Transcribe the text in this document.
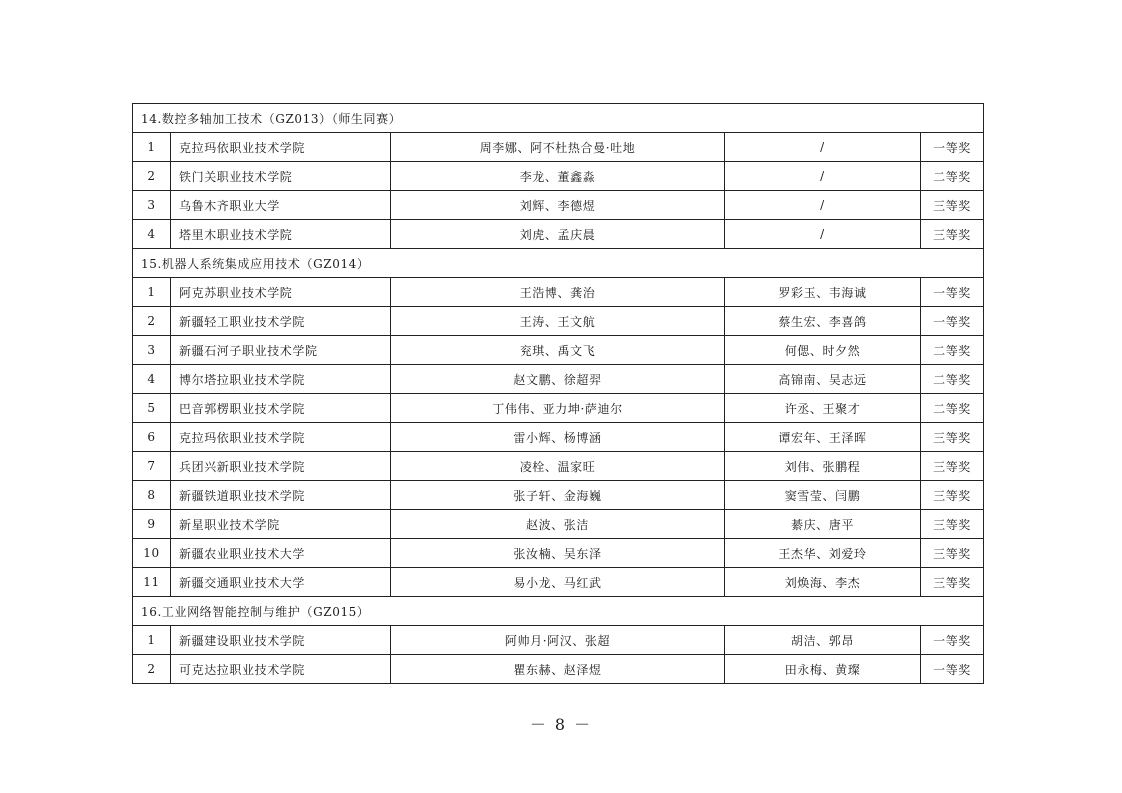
14.数控多轴加工技术（GZ013）（师生同赛）				
1	克拉玛依职业技术学院	周李娜、阿不杜热合曼·吐地	/	一等奖
2	铁门关职业技术学院	李龙、董鑫淼	/	二等奖
3	乌鲁木齐职业大学	刘辉、李德煜	/	三等奖
4	塔里木职业技术学院	刘虎、孟庆晨	/	三等奖
15.机器人系统集成应用技术（GZ014）				
1	阿克苏职业技术学院	王浩博、龚治	罗彩玉、韦海诚	一等奖
2	新疆轻工职业技术学院	王涛、王文航	蔡生宏、李喜鸽	一等奖
3	新疆石河子职业技术学院	兖琪、禹文飞	何偲、时夕然	二等奖
4	博尔塔拉职业技术学院	赵文鹏、徐超羿	高锦南、吴志远	二等奖
5	巴音郭楞职业技术学院	丁伟伟、亚力坤·萨迪尔	许丞、王聚才	二等奖
6	克拉玛依职业技术学院	雷小辉、杨博涵	谭宏年、王泽晖	三等奖
7	兵团兴新职业技术学院	凌栓、温家旺	刘伟、张鹏程	三等奖
8	新疆铁道职业技术学院	张子轩、金海巍	窦雪莹、闫鹏	三等奖
9	新星职业技术学院	赵波、张洁	綦庆、唐平	三等奖
10	新疆农业职业技术大学	张汝楠、吴东泽	王杰华、刘爱玲	三等奖
11	新疆交通职业技术大学	易小龙、马红武	刘焕海、李杰	三等奖
16.工业网络智能控制与维护（GZ015）				
1	新疆建设职业技术学院	阿帅月·阿汉、张超	胡洁、郭昂	一等奖
2	可克达拉职业技术学院	瞿东赫、赵泽煜	田永梅、黄璨	一等奖
－ 8 －
